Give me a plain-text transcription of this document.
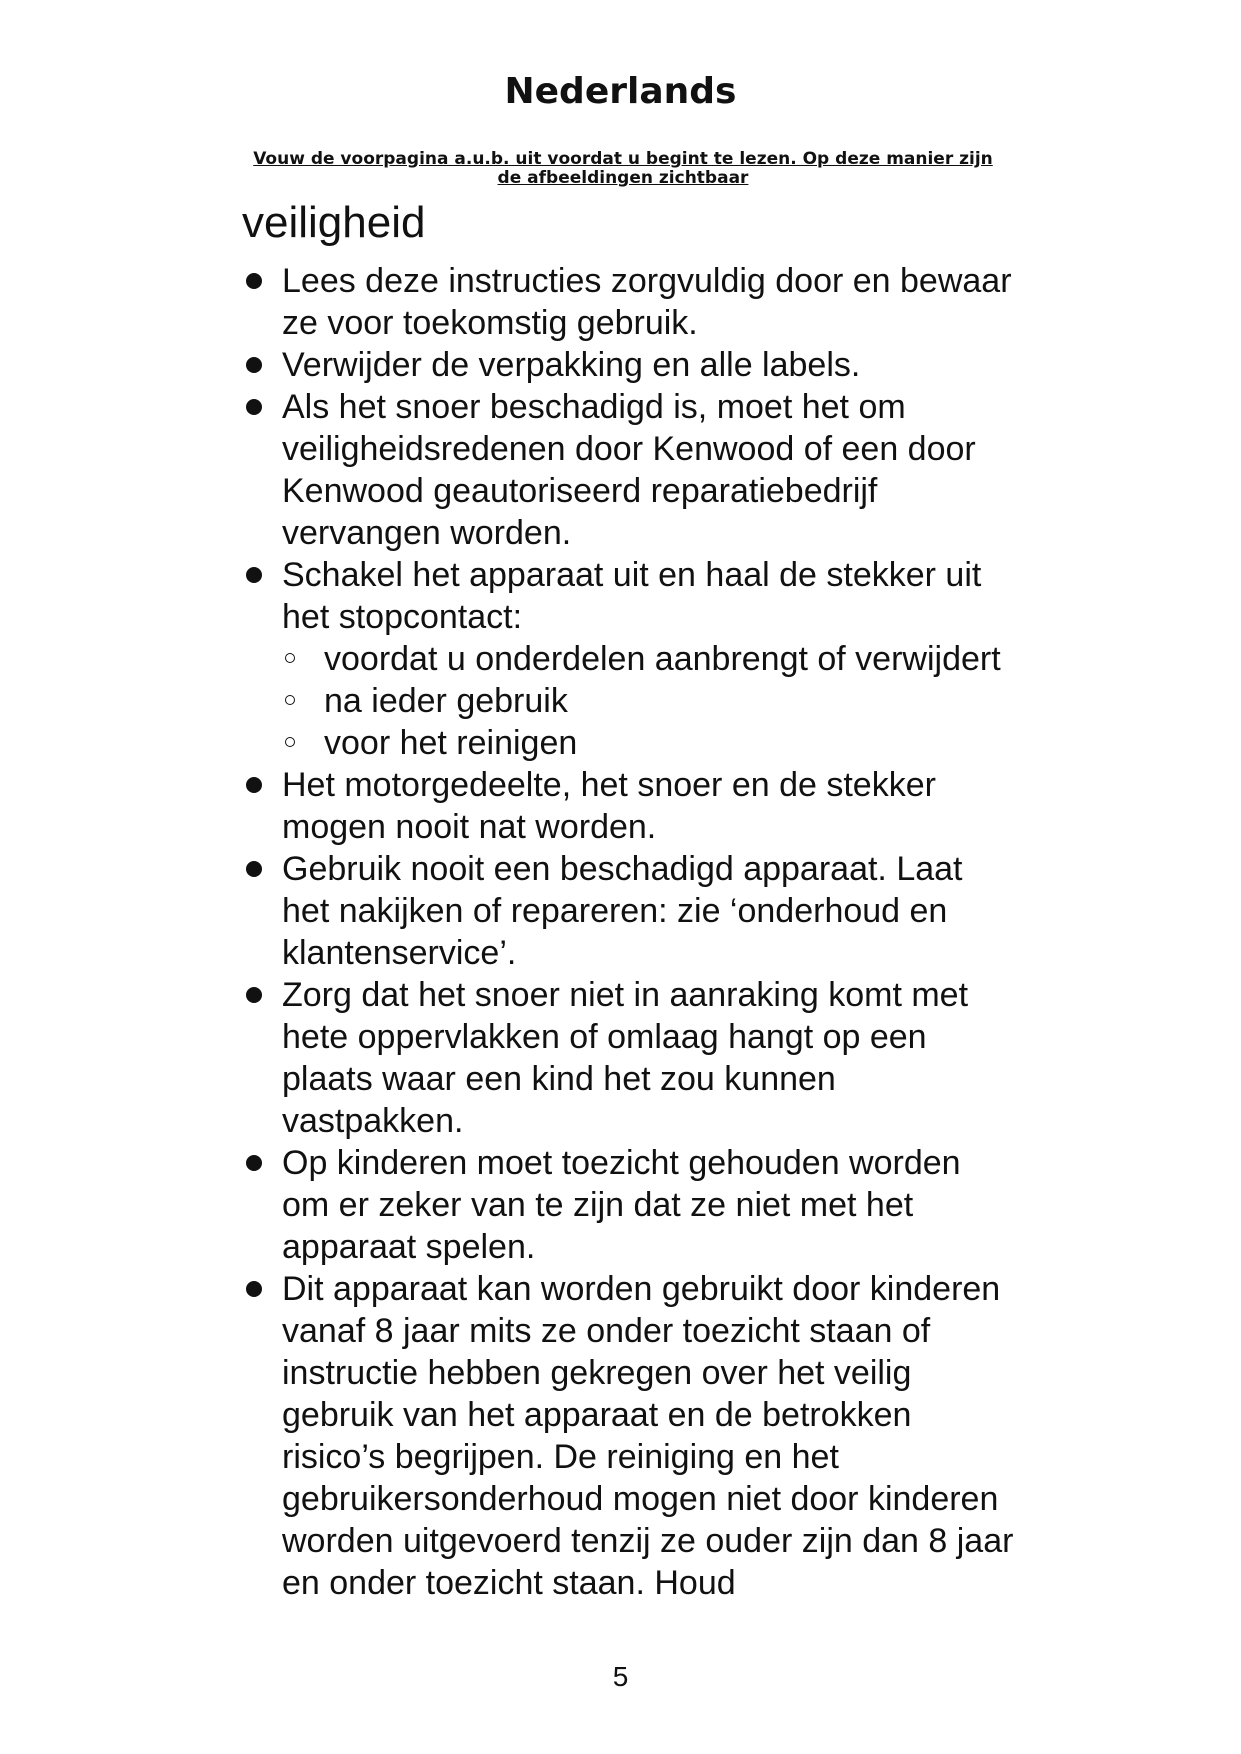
Nederlands

Vouw de voorpagina a.u.b. uit voordat u begint te lezen. Op deze manier zijn de afbeeldingen zichtbaar

veiligheid
Lees deze instructies zorgvuldig door en bewaar ze voor toekomstig gebruik.
Verwijder de verpakking en alle labels.
Als het snoer beschadigd is, moet het om veiligheidsredenen door Kenwood of een door Kenwood geautoriseerd reparatiebedrijf vervangen worden.
Schakel het apparaat uit en haal de stekker uit het stopcontact:
voordat u onderdelen aanbrengt of verwijdert
na ieder gebruik
voor het reinigen
Het motorgedeelte, het snoer en de stekker mogen nooit nat worden.
Gebruik nooit een beschadigd apparaat. Laat het nakijken of repareren: zie ‘onderhoud en klantenservice’.
Zorg dat het snoer niet in aanraking komt met hete oppervlakken of omlaag hangt op een plaats waar een kind het zou kunnen vastpakken.
Op kinderen moet toezicht gehouden worden om er zeker van te zijn dat ze niet met het apparaat spelen.
Dit apparaat kan worden gebruikt door kinderen vanaf 8 jaar mits ze onder toezicht staan of instructie hebben gekregen over het veilig gebruik van het apparaat en de betrokken risico’s begrijpen. De reiniging en het gebruikersonderhoud mogen niet door kinderen worden uitgevoerd tenzij ze ouder zijn dan 8 jaar en onder toezicht staan. Houd
5
